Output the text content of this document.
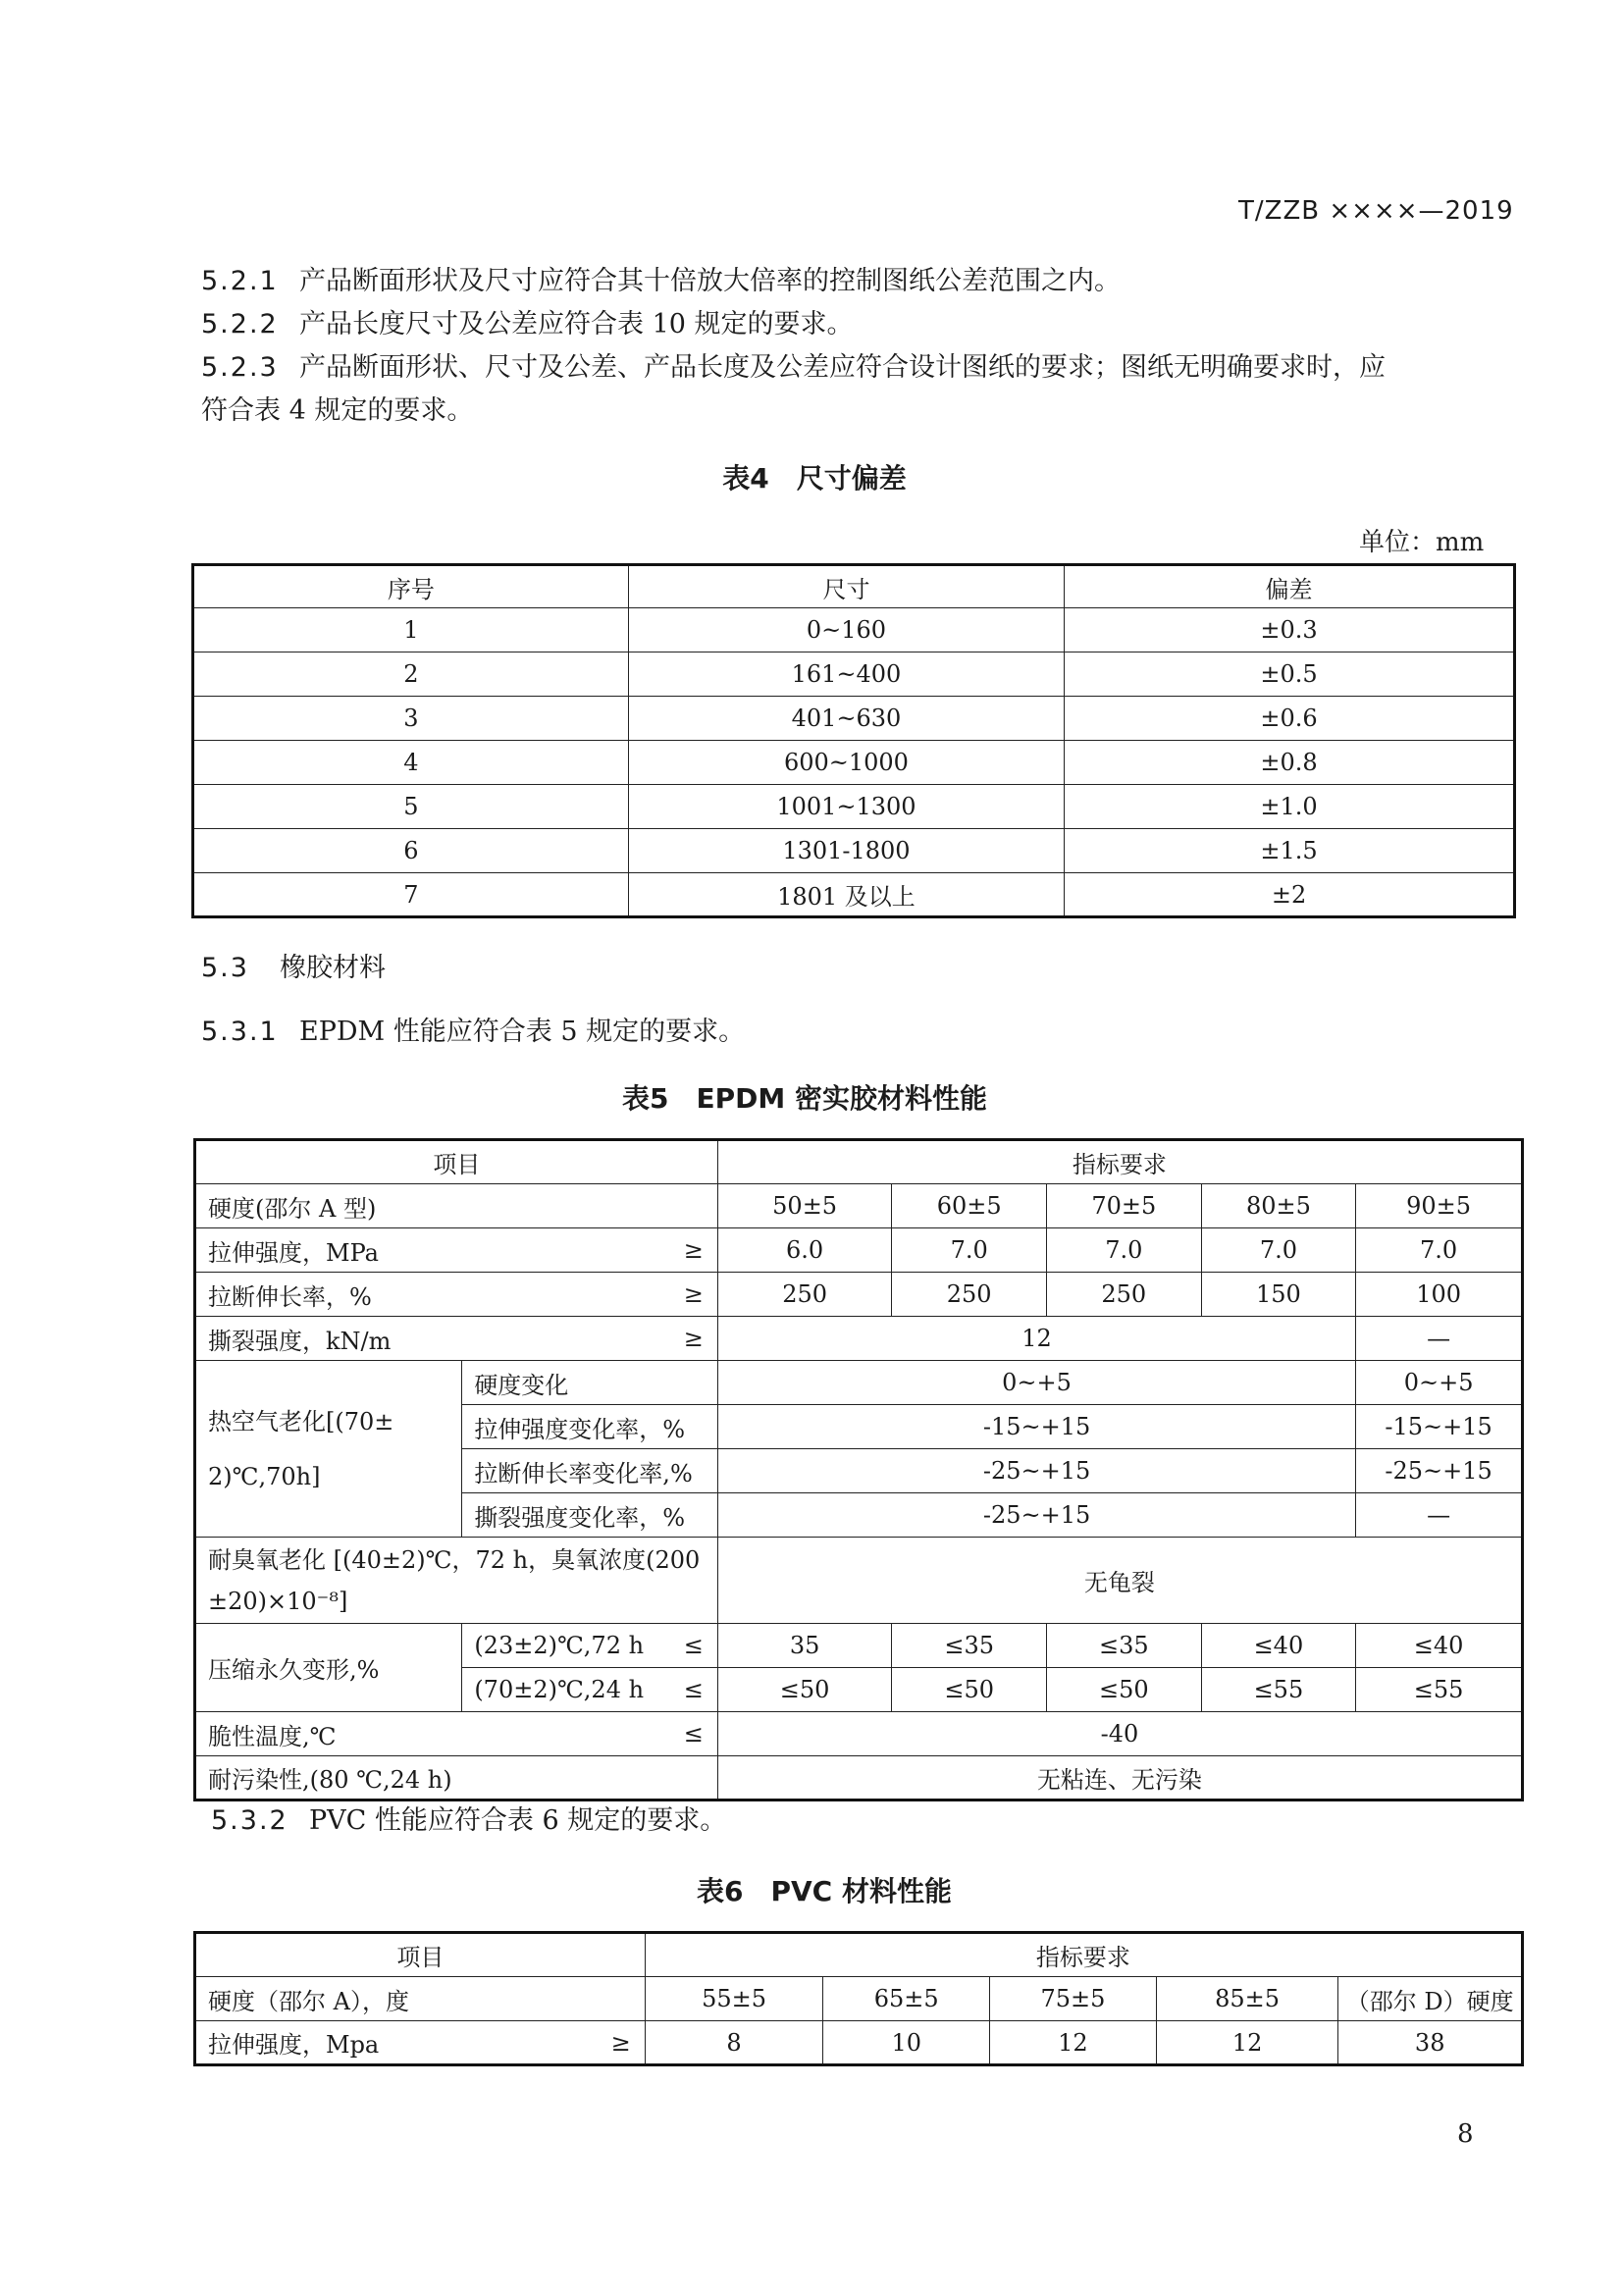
T/ZZB ××××—2019
5.2.1 产品断面形状及尺寸应符合其十倍放大倍率的控制图纸公差范围之内。
5.2.2 产品长度尺寸及公差应符合表 10 规定的要求。
5.2.3 产品断面形状、尺寸及公差、产品长度及公差应符合设计图纸的要求；图纸无明确要求时，应
符合表 4 规定的要求。
表4　尺寸偏差
单位：mm
序号	尺寸	偏差
1	0~160	±0.3
2	161~400	±0.5
3	401~630	±0.6
4	600~1000	±0.8
5	1001~1300	±1.0
6	1301-1800	±1.5
7	1801 及以上	±2
5.3 橡胶材料
5.3.1 EPDM 性能应符合表 5 规定的要求。
表5　EPDM 密实胶材料性能
项目		指标要求				
硬度(邵尔 A 型)		50±5	60±5	70±5	80±5	90±5
拉伸强度，MPa ≥		6.0	7.0	7.0	7.0	7.0
拉断伸长率，% ≥		250	250	250	150	100
撕裂强度，kN/m ≥		12				—

热空气老化[(70±
2)℃,70h]	硬度变化	0~+5				0~+5
	拉伸强度变化率，%	-15~+15				-15~+15
	拉断伸长率变化率,%	-25~+15				-25~+15
	撕裂强度变化率，%	-25~+15				—

耐臭氧老化 [(40±2)℃，72 h，臭氧浓度(200
±20)×10⁻⁸]		无龟裂				
压缩永久变形,%	(23±2)℃,72 h ≤	35	≤35	≤35	≤40	≤40
	(70±2)℃,24 h ≤	≤50	≤50	≤50	≤55	≤55
脆性温度,℃ ≤		-40				
耐污染性,(80 ℃,24 h)		无粘连、无污染				
5.3.2 PVC 性能应符合表 6 规定的要求。
表6　PVC 材料性能
项目	指标要求				
硬度（邵尔 A），度	55±5	65±5	75±5	85±5	（邵尔 D）硬度
拉伸强度，Mpa ≥	8	10	12	12	38
8
